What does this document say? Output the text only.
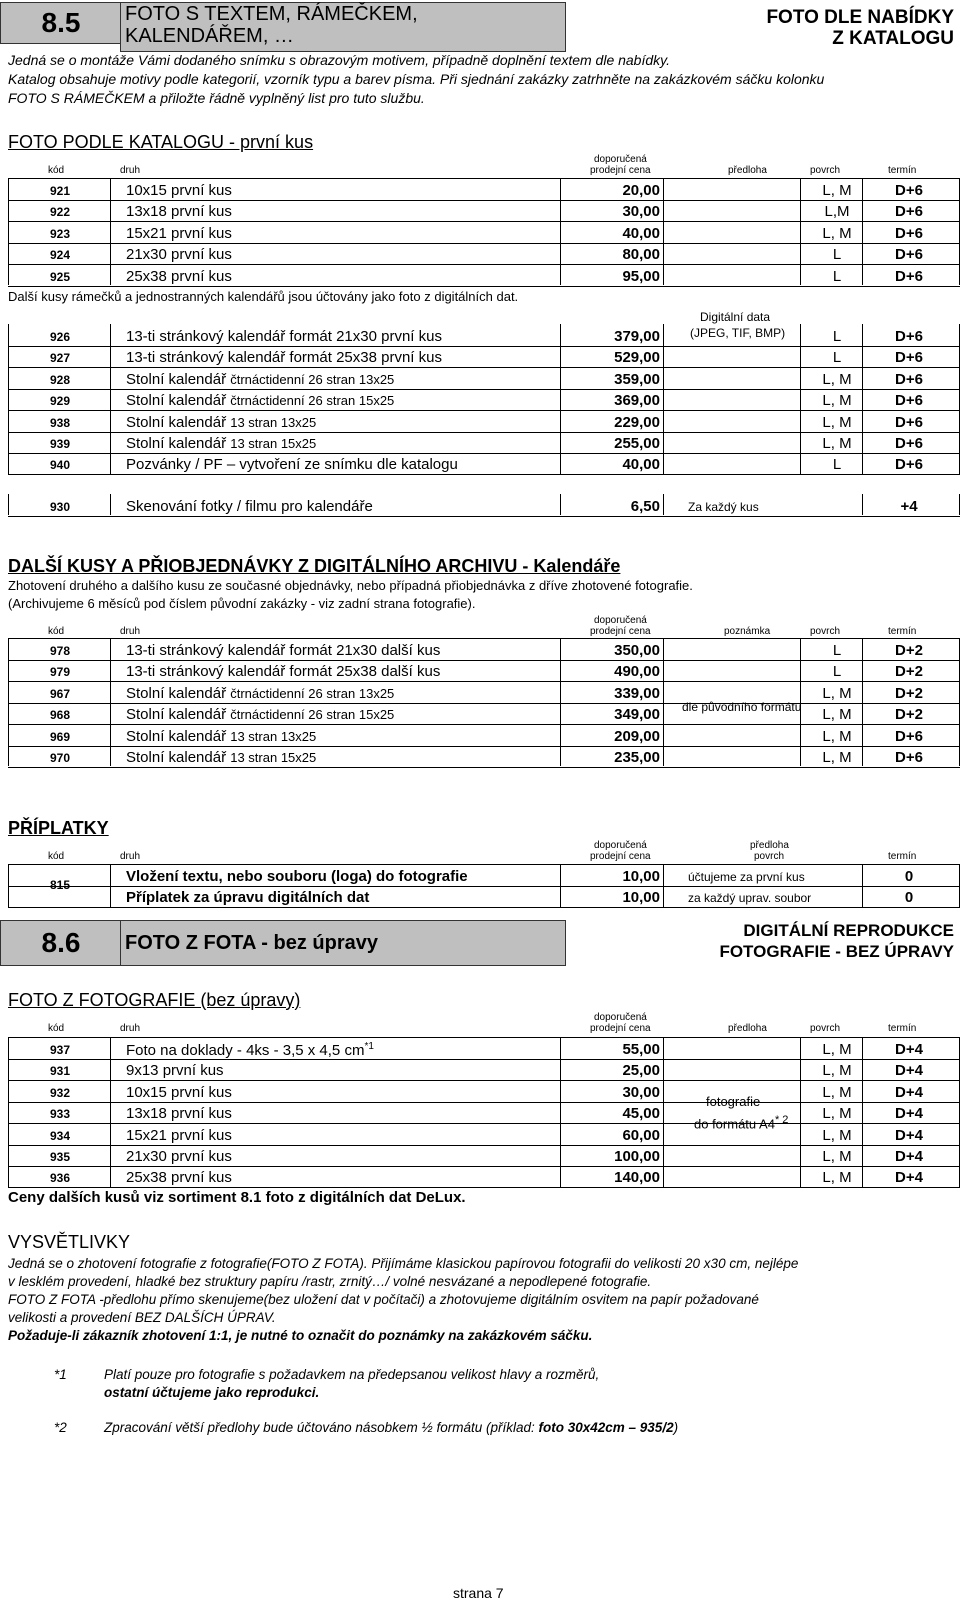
8.5	FOTO S TEXTEM, RÁMEČKEM,
KALENDÁŘEM, …
FOTO DLE NABÍDKY
Z KATALOGU
Jedná se o montáže Vámi dodaného snímku s obrazovým motivem, případně doplnění textem dle nabídky.
Katalog obsahuje motivy podle kategorií, vzorník typu a barev písma. Při sjednání zakázky zatrhněte na zakázkovém sáčku kolonku
FOTO S RÁMEČKEM a přiložte řádně vyplněný list pro tuto službu.
FOTO PODLE KATALOGU - první kus
kód	druh
doporučená
prodejní cena	předloha	povrch	termín
921	10x15 první kus	20,00	L, M	D+6
922	13x18 první kus	30,00	L,M	D+6
923	15x21 první kus	40,00	L, M	D+6
924	21x30 první kus	80,00	L	D+6
925	25x38 první kus	95,00	L	D+6
Další kusy rámečků a jednostranných kalendářů jsou účtovány jako foto z digitálních dat.
Digitální data
(JPEG, TIF, BMP)
926	13-ti stránkový kalendář formát 21x30 první kus	379,00	L	D+6
927	13-ti stránkový kalendář formát 25x38 první kus	529,00	L	D+6
928	Stolní kalendář čtrnáctidenní 26 stran 13x25	359,00	L, M	D+6
929	Stolní kalendář čtrnáctidenní 26 stran 15x25	369,00	L, M	D+6
938	Stolní kalendář 13 stran 13x25	229,00	L, M	D+6
939	Stolní kalendář 13 stran 15x25	255,00	L, M	D+6
940	Pozvánky / PF – vytvoření ze snímku dle katalogu	40,00	L	D+6
930	Skenování fotky / filmu pro kalendáře	6,50 Za každý kus	+4
DALŠÍ KUSY A PŘIOBJEDNÁVKY Z DIGITÁLNÍHO ARCHIVU - Kalendáře
Zhotovení druhého a dalšího kusu ze současné objednávky, nebo případná přiobjednávka z dříve zhotovené fotografie.
(Archivujeme 6 měsíců pod číslem původní zakázky - viz zadní strana fotografie).
kód	druh
doporučená
prodejní cena	poznámka	povrch	termín
978	13-ti stránkový kalendář formát 21x30 další kus	350,00	L	D+2
979	13-ti stránkový kalendář formát 25x38 další kus	490,00	L	D+2
967	Stolní kalendář čtrnáctidenní 26 stran 13x25	339,00	L, M	D+2
968	Stolní kalendář čtrnáctidenní 26 stran 15x25	349,00	L, M	D+2
969	Stolní kalendář 13 stran 13x25	209,00	L, M	D+6
970	Stolní kalendář 13 stran 15x25	235,00	L, M	D+6
dle původního formátu
PŘÍPLATKY
kód	druh
doporučená
prodejní cena
předloha
povrch	termín
815	Vložení textu, nebo souboru (loga) do fotografie	10,00 účtujeme za první kus	0
Příplatek za úpravu digitálních dat	10,00 za každý uprav. soubor	0
8.6	FOTO Z FOTA - bez úpravy
DIGITÁLNÍ REPRODUKCE
FOTOGRAFIE - BEZ ÚPRAVY
FOTO Z FOTOGRAFIE (bez úpravy)
kód	druh
doporučená
prodejní cena	předloha	povrch	termín
937	Foto na doklady - 4ks - 3,5 x 4,5 $cm^{*1}$	55,00	L, M	D+4
931	9x13 první kus	25,00	L, M	D+4
932	10x15 první kus	30,00	L, M	D+4
933	13x18 první kus	45,00	L, M	D+4
934	15x21 první kus	60,00	L, M	D+4
935	21x30 první kus	100,00	L, M	D+4
936	25x38 první kus	140,00	L, M	D+4
fotografie
do formátu A4$^{* 2}$
Ceny dalších kusů viz sortiment 8.1 foto z digitálních dat DeLux.
VYSVĚTLIVKY
Jedná se o zhotovení fotografie z fotografie(FOTO Z FOTA). Přijímáme klasickou papírovou fotografii do velikosti 20 x30 cm, nejlépe
v lesklém provedení, hladké bez struktury papíru /rastr, zrnitý…/ volné nesvázané a nepodlepené fotografie.
FOTO Z FOTA -předlohu přímo skenujeme(bez uložení dat v počítači) a zhotovujeme digitálním osvitem na papír požadované
velikosti a provedení BEZ DALŠÍCH ÚPRAV.
Požaduje-li zákazník zhotovení 1:1, je nutné to označit do poznámky na zakázkovém sáčku.
*1	Platí pouze pro fotografie s požadavkem na předepsanou velikost hlavy a rozměrů,
ostatní účtujeme jako reprodukci.
*2	Zpracování větší předlohy bude účtováno násobkem ½ formátu (příklad: foto 30x42cm – 935/2)
strana 7
